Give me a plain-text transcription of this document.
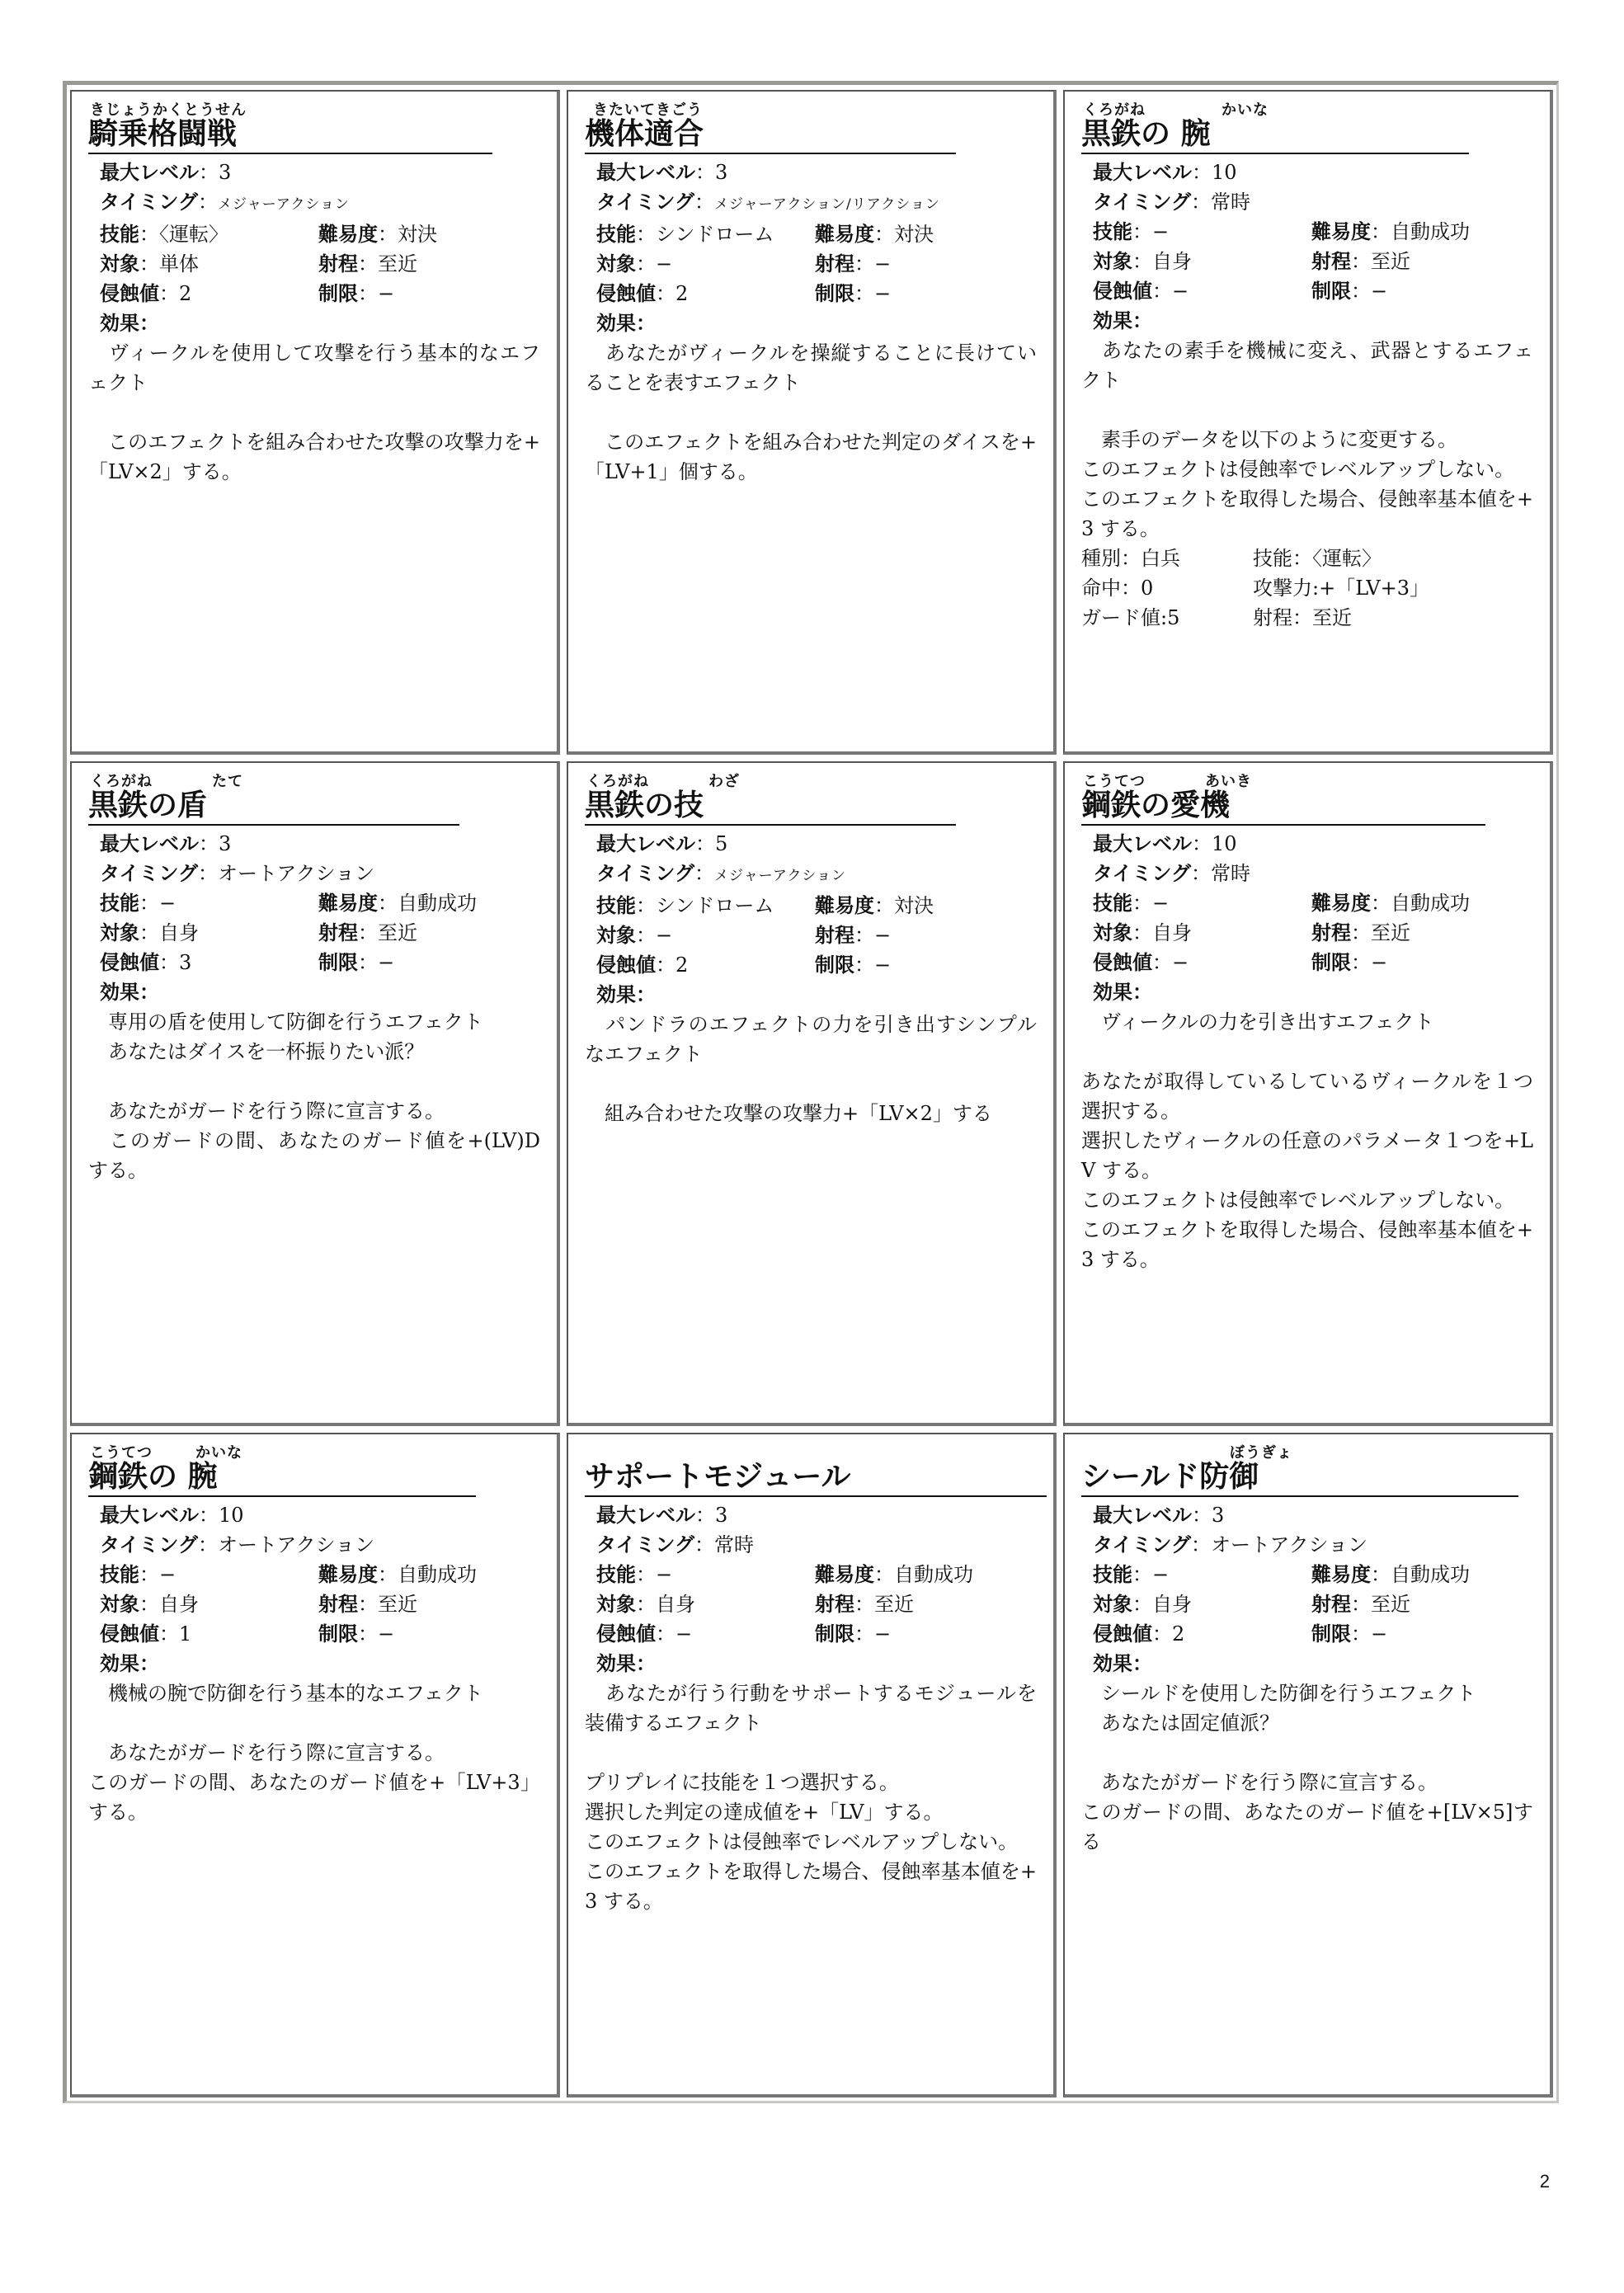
きじょうかくとうせん
騎乗格闘戦
最大レベル：3
タイミング：メジャーアクション
技能：〈運転〉	難易度：対決
対象：単体	射程：至近
侵蝕値：2	制限：−
効果：
　ヴィークルを使用して攻撃を行う基本的なエフェクト
　このエフェクトを組み合わせた攻撃の攻撃力を+「LV×2」する。
きたいてきごう
機体適合
最大レベル：3
タイミング：メジャーアクション/リアクション
技能：シンドローム	難易度：対決
対象：−	射程：−
侵蝕値：2	制限：−
効果：
　あなたがヴィークルを操縦することに長けていることを表すエフェクト
　このエフェクトを組み合わせた判定のダイスを+「LV+1」個する。
くろがね	かいな
黒鉄の 腕
最大レベル：10
タイミング：常時
技能：−	難易度：自動成功
対象：自身	射程：至近
侵蝕値：−	制限：−
効果：
　あなたの素手を機械に変え、武器とするエフェクト
　素手のデータを以下のように変更する。
このエフェクトは侵蝕率でレベルアップしない。
このエフェクトを取得した場合、侵蝕率基本値を+3 する。
種別：白兵	技能：〈運転〉
命中：0	攻撃力:+「LV+3」
ガード値:5	射程：至近
くろがね	たて
黒鉄の盾
最大レベル：3
タイミング：オートアクション
技能：−	難易度：自動成功
対象：自身	射程：至近
侵蝕値：3	制限：−
効果：
　専用の盾を使用して防御を行うエフェクト
　あなたはダイスを一杯振りたい派？
　あなたがガードを行う際に宣言する。
　このガードの間、あなたのガード値を+(LV)D する。
くろがね	わざ
黒鉄の技
最大レベル：5
タイミング：メジャーアクション
技能：シンドローム	難易度：対決
対象：−	射程：−
侵蝕値：2	制限：−
効果：
　パンドラのエフェクトの力を引き出すシンプルなエフェクト
　組み合わせた攻撃の攻撃力+「LV×2」する
こうてつ	あいき
鋼鉄の愛機
最大レベル：10
タイミング：常時
技能：−	難易度：自動成功
対象：自身	射程：至近
侵蝕値：−	制限：−
効果：
　ヴィークルの力を引き出すエフェクト
あなたが取得しているしているヴィークルを１つ選択する。
選択したヴィークルの任意のパラメータ１つを+LV する。
このエフェクトは侵蝕率でレベルアップしない。
このエフェクトを取得した場合、侵蝕率基本値を+3 する。
こうてつ	かいな
鋼鉄の 腕
最大レベル：10
タイミング：オートアクション
技能：−	難易度：自動成功
対象：自身	射程：至近
侵蝕値：1	制限：−
効果：
　機械の腕で防御を行う基本的なエフェクト
　あなたがガードを行う際に宣言する。
このガードの間、あなたのガード値を+「LV+3」する。
サポートモジュール
最大レベル：3
タイミング：常時
技能：−	難易度：自動成功
対象：自身	射程：至近
侵蝕値：−	制限：−
効果：
　あなたが行う行動をサポートするモジュールを装備するエフェクト
プリプレイに技能を１つ選択する。
選択した判定の達成値を+「LV」する。
このエフェクトは侵蝕率でレベルアップしない。
このエフェクトを取得した場合、侵蝕率基本値を+3 する。
ぼうぎょ
シールド防御
最大レベル：3
タイミング：オートアクション
技能：−	難易度：自動成功
対象：自身	射程：至近
侵蝕値：2	制限：−
効果：
　シールドを使用した防御を行うエフェクト
　あなたは固定値派？
　あなたがガードを行う際に宣言する。
このガードの間、あなたのガード値を+[LV×5]する
2
